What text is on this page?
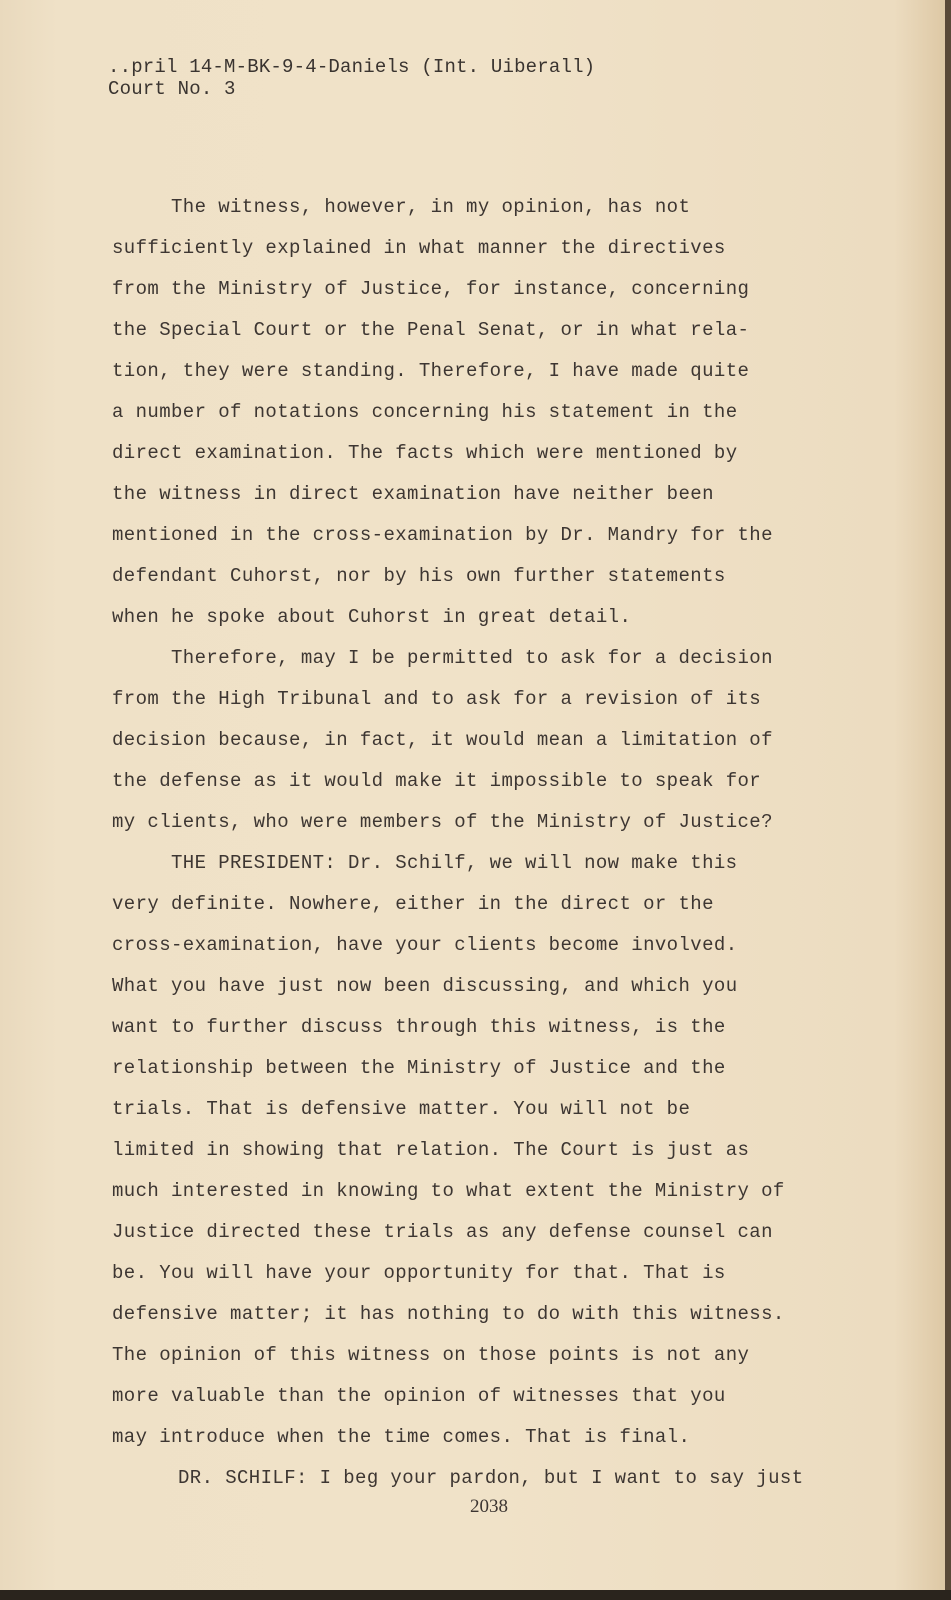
..pril 14-M-BK-9-4-Daniels (Int. Uiberall)
Court No. 3
The witness, however, in my opinion, has not
sufficiently explained in what manner the directives
from the Ministry of Justice, for instance, concerning
the Special Court or the Penal Senat, or in what rela-
tion, they were standing. Therefore, I have made quite
a number of notations concerning his statement in the
direct examination. The facts which were mentioned by
the witness in direct examination have neither been
mentioned in the cross-examination by Dr. Mandry for the
defendant Cuhorst, nor by his own further statements
when he spoke about Cuhorst in great detail.
Therefore, may I be permitted to ask for a decision
from the High Tribunal and to ask for a revision of its
decision because, in fact, it would mean a limitation of
the defense as it would make it impossible to speak for
my clients, who were members of the Ministry of Justice?
THE PRESIDENT: Dr. Schilf, we will now make this
very definite. Nowhere, either in the direct or the
cross-examination, have your clients become involved.
What you have just now been discussing, and which you
want to further discuss through this witness, is the
relationship between the Ministry of Justice and the
trials. That is defensive matter. You will not be
limited in showing that relation. The Court is just as
much interested in knowing to what extent the Ministry of
Justice directed these trials as any defense counsel can
be. You will have your opportunity for that. That is
defensive matter; it has nothing to do with this witness.
The opinion of this witness on those points is not any
more valuable than the opinion of witnesses that you
may introduce when the time comes. That is final.
DR. SCHILF: I beg your pardon, but I want to say just
2038
